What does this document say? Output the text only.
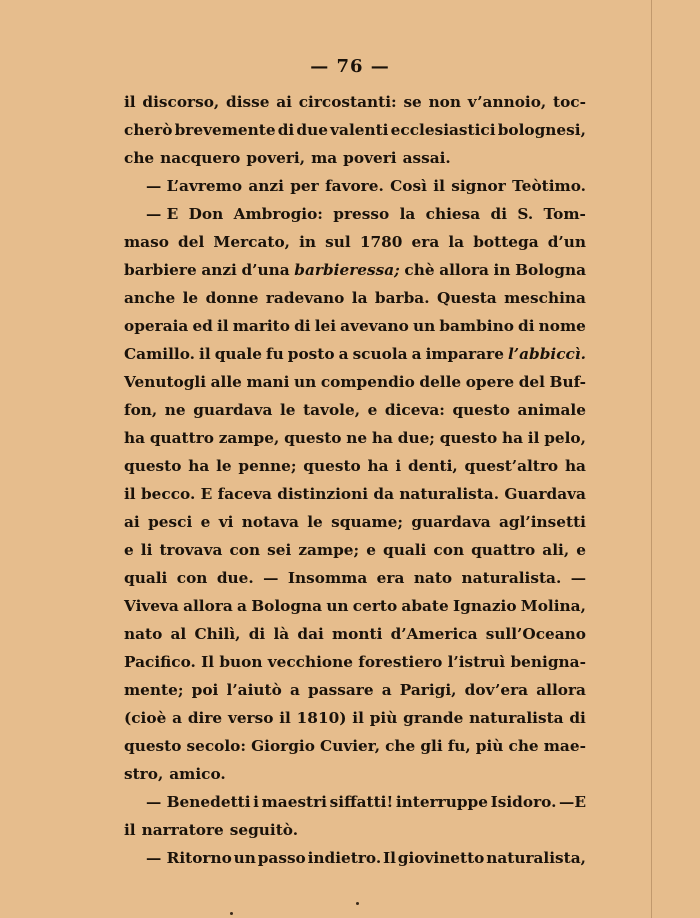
— 76 —
il discorso, disse ai circostanti: se non v’annoio, toc-
cherò brevemente di due valenti ecclesiastici bolognesi,
che nacquero poveri, ma poveri assai.
— L’avremo anzi per favore. Così il signor Teòtimo.
— E Don Ambrogio: presso la chiesa di S. Tom-
maso del Mercato, in sul 1780 era la bottega d’un
barbiere anzi d’una barbieressa; chè allora in Bologna
anche le donne radevano la barba. Questa meschina
operaia ed il marito di lei avevano un bambino di nome
Camillo. il quale fu posto a scuola a imparare l’abbiccì.
Venutogli alle mani un compendio delle opere del Buf-
fon, ne guardava le tavole, e diceva: questo animale
ha quattro zampe, questo ne ha due; questo ha il pelo,
questo ha le penne; questo ha i denti, quest’altro ha
il becco. E faceva distinzioni da naturalista. Guardava
ai pesci e vi notava le squame; guardava agl’insetti
e li trovava con sei zampe; e quali con quattro ali, e
quali con due. — Insomma era nato naturalista. —
Viveva allora a Bologna un certo abate Ignazio Molina,
nato al Chilì, di là dai monti d’America sull’Oceano
Pacifico. Il buon vecchione forestiero l’istruì benigna-
mente; poi l’aiutò a passare a Parigi, dov’era allora
(cioè a dire verso il 1810) il più grande naturalista di
questo secolo: Giorgio Cuvier, che gli fu, più che mae-
stro, amico.
— Benedetti i maestri siffatti! interruppe Isidoro. —E
il narratore seguitò.
— Ritorno un passo indietro. Il giovinetto naturalista,
